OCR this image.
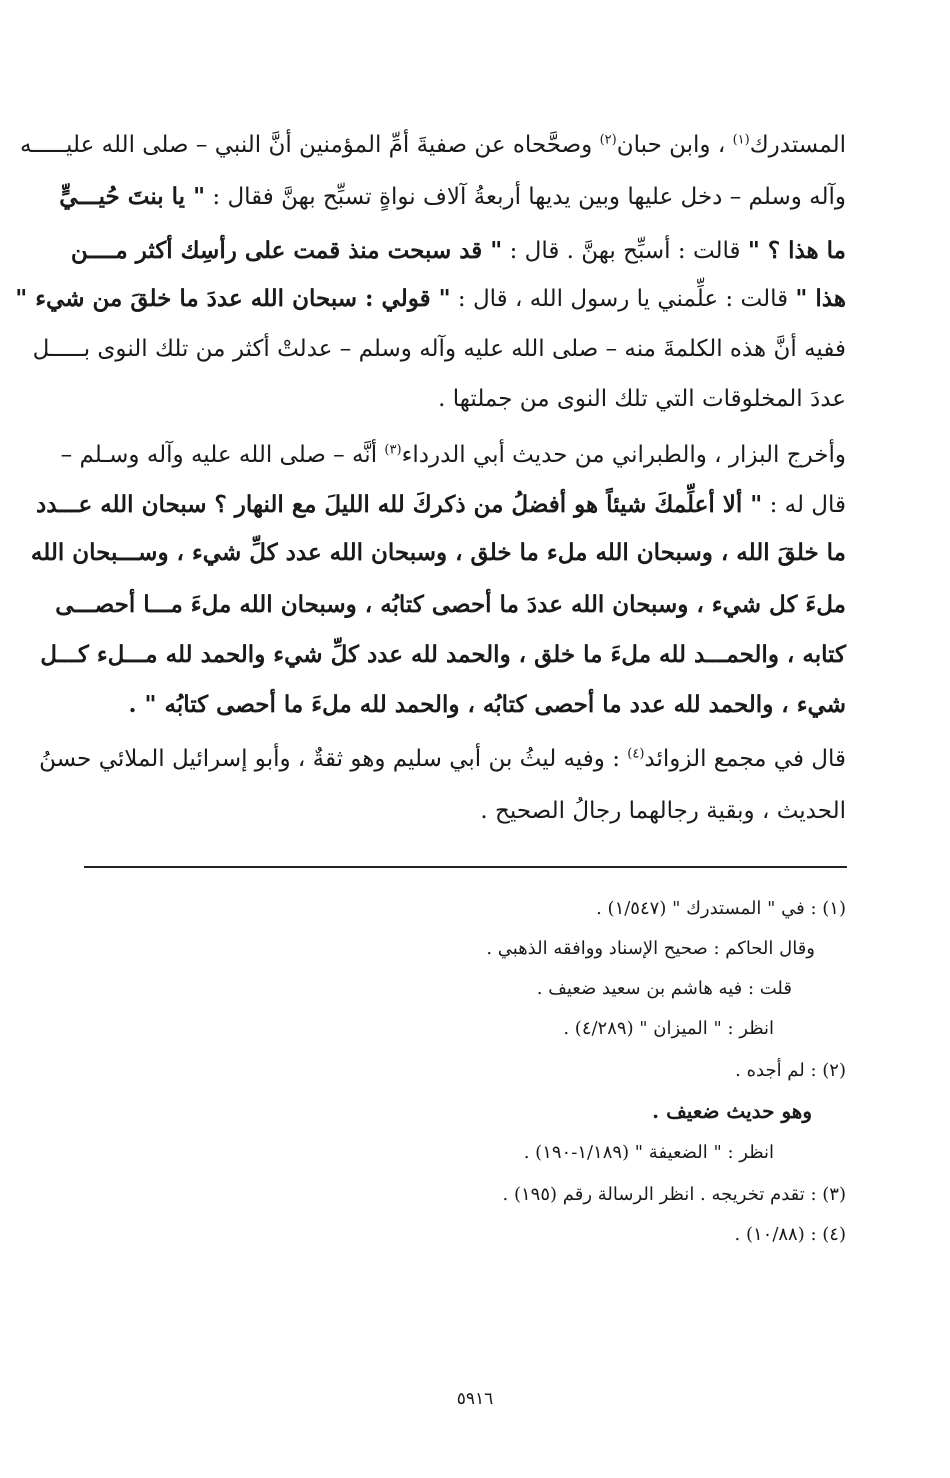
المستدرك$^{(١)}$ ، وابن حبان$^{(٢)}$ وصحَّحاه عن صفيةَ أمِّ المؤمنين أنَّ النبي – صلى الله عليـــــه
وآله وسلم – دخل عليها وبين يديها أربعةُ آلاف نواةٍ تسبِّح بهنَّ فقال : " يا بنتَ حُيـــيٍّ
ما هذا ؟ " قالت : أسبِّح بهنَّ . قال : " قد سبحت منذ قمت على رأسِك أكثر مــــن
هذا " قالت : علِّمني يا رسول الله ، قال : " قولي : سبحان الله عددَ ما خلقَ من شيء "
ففيه أنَّ هذه الكلمةَ منه – صلى الله عليه وآله وسلم – عدلتْ أكثر من تلك النوى بـــــل
عددَ المخلوقات التي تلك النوى من جملتها .
وأخرج البزار ، والطبراني من حديث أبي الدرداء$^{(٣)}$ أنَّه – صلى الله عليه وآله وسـلم –
قال له : " ألا أعلِّمكَ شيئاً هو أفضلُ من ذكركَ لله الليلَ مع النهار ؟ سبحان الله عـــدد
ما خلقَ الله ، وسبحان الله ملء ما خلق ، وسبحان الله عدد كلِّ شيء ، وســـبحان الله
ملءَ كل شيء ، وسبحان الله عددَ ما أحصى كتابُه ، وسبحان الله ملءَ مـــا أحصـــى
كتابه ، والحمـــد لله ملءَ ما خلق ، والحمد لله عدد كلِّ شيء والحمد لله مـــلء كـــل
شيء ، والحمد لله عدد ما أحصى كتابُه ، والحمد لله ملءَ ما أحصى كتابُه " .
قال في مجمع الزوائد$^{(٤)}$ : وفيه ليثُ بن أبي سليم وهو ثقةٌ ، وأبو إسرائيل الملائي حسنُ
الحديث ، وبقية رجالهما رجالُ الصحيح .
(١) : في " المستدرك " (١/٥٤٧) .
وقال الحاكم : صحيح الإسناد ووافقه الذهبي .
قلت : فيه هاشم بن سعيد ضعيف .
انظر : " الميزان " (٤/٢٨٩) .
(٢) : لم أجده .
وهو حديث ضعيف .
انظر : " الضعيفة " (١/١٨٩-١٩٠) .
(٣) : تقدم تخريجه . انظر الرسالة رقم (١٩٥) .
(٤) : (١٠/٨٨) .
٥٩١٦
